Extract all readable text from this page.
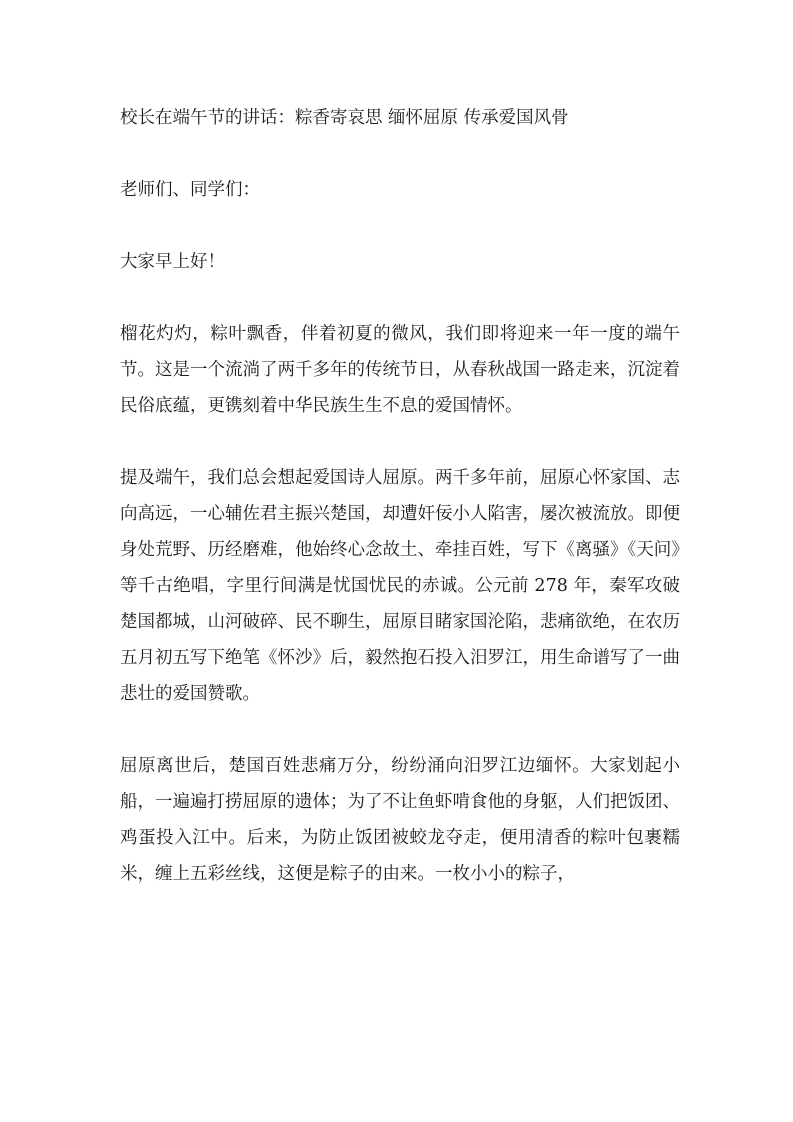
校长在端午节的讲话：粽香寄哀思 缅怀屈原 传承爱国风骨

老师们、同学们：

大家早上好！

榴花灼灼，粽叶飘香，伴着初夏的微风，我们即将迎来一年一度的端午节。这是一个流淌了两千多年的传统节日，从春秋战国一路走来，沉淀着民俗底蕴，更镌刻着中华民族生生不息的爱国情怀。

提及端午，我们总会想起爱国诗人屈原。两千多年前，屈原心怀家国、志向高远，一心辅佐君主振兴楚国，却遭奸佞小人陷害，屡次被流放。即便身处荒野、历经磨难，他始终心念故土、牵挂百姓，写下《离骚》《天问》等千古绝唱，字里行间满是忧国忧民的赤诚。公元前 278 年，秦军攻破楚国都城，山河破碎、民不聊生，屈原目睹家国沦陷，悲痛欲绝，在农历五月初五写下绝笔《怀沙》后，毅然抱石投入汨罗江，用生命谱写了一曲悲壮的爱国赞歌。

屈原离世后，楚国百姓悲痛万分，纷纷涌向汨罗江边缅怀。大家划起小船，一遍遍打捞屈原的遗体；为了不让鱼虾啃食他的身躯，人们把饭团、鸡蛋投入江中。后来，为防止饭团被蛟龙夺走，便用清香的粽叶包裹糯米，缠上五彩丝线，这便是粽子的由来。一枚小小的粽子，
